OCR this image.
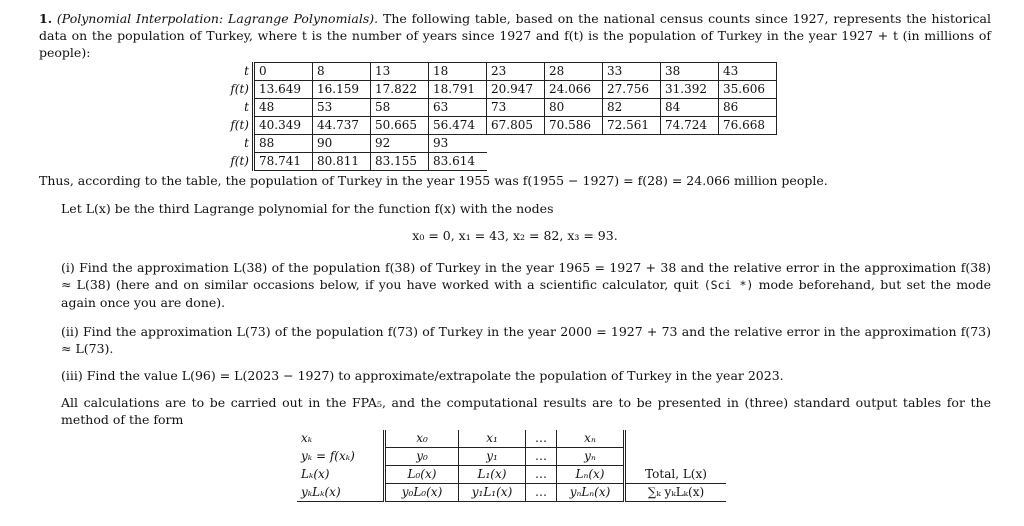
1. (Polynomial Interpolation: Lagrange Polynomials). The following table, based on the national census counts since 1927, represents the historical data on the population of Turkey, where t is the number of years since 1927 and f(t) is the population of Turkey in the year 1927 + t (in millions of people):

t	0	8	13	18	23	28	33	38	43
f(t)	13.649	16.159	17.822	18.791	20.947	24.066	27.756	31.392	35.606
t	48	53	58	63	73	80	82	84	86
f(t)	40.349	44.737	50.665	56.474	67.805	70.586	72.561	74.724	76.668
t	88	90	92	93					
f(t)	78.741	80.811	83.155	83.614					

Thus, according to the table, the population of Turkey in the year 1955 was f(1955 − 1927) = f(28) = 24.066 million people.

Let L(x) be the third Lagrange polynomial for the function f(x) with the nodes

x₀ = 0, x₁ = 43, x₂ = 82, x₃ = 93.

(i) Find the approximation L(38) of the population f(38) of Turkey in the year 1965 = 1927 + 38 and the relative error in the approximation f(38) ≈ L(38) (here and on similar occasions below, if you have worked with a scientific calculator, quit (Sci *) mode beforehand, but set the mode again once you are done).

(ii) Find the approximation L(73) of the population f(73) of Turkey in the year 2000 = 1927 + 73 and the relative error in the approximation f(73) ≈ L(73).

(iii) Find the value L(96) = L(2023 − 1927) to approximate/extrapolate the population of Turkey in the year 2023.

All calculations are to be carried out in the FPA₅, and the computational results are to be presented in (three) standard output tables for the method of the form

xₖ	x₀	x₁	…	xₙ	
yₖ = f(xₖ)	y₀	y₁	…	yₙ	
Lₖ(x)	L₀(x)	L₁(x)	…	Lₙ(x)	Total, L(x)
yₖLₖ(x)	y₀L₀(x)	y₁L₁(x)	…	yₙLₙ(x)	∑ₖ yₖLₖ(x)
